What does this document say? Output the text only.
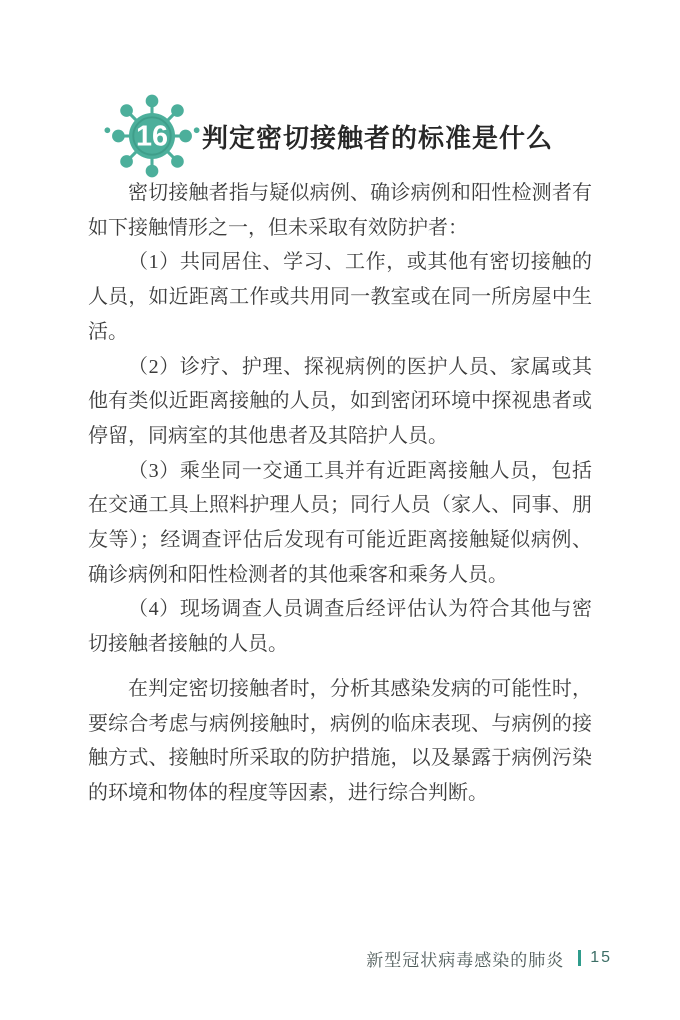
16 判定密切接触者的标准是什么

密切接触者指与疑似病例、确诊病例和阳性检测者有如下接触情形之一，但未采取有效防护者：

（1）共同居住、学习、工作，或其他有密切接触的人员，如近距离工作或共用同一教室或在同一所房屋中生活。

（2）诊疗、护理、探视病例的医护人员、家属或其他有类似近距离接触的人员，如到密闭环境中探视患者或停留，同病室的其他患者及其陪护人员。

（3）乘坐同一交通工具并有近距离接触人员，包括在交通工具上照料护理人员；同行人员（家人、同事、朋友等）；经调查评估后发现有可能近距离接触疑似病例、确诊病例和阳性检测者的其他乘客和乘务人员。

（4）现场调查人员调查后经评估认为符合其他与密切接触者接触的人员。

在判定密切接触者时，分析其感染发病的可能性时，要综合考虑与病例接触时，病例的临床表现、与病例的接触方式、接触时所采取的防护措施，以及暴露于病例污染的环境和物体的程度等因素，进行综合判断。

新型冠状病毒感染的肺炎 15
